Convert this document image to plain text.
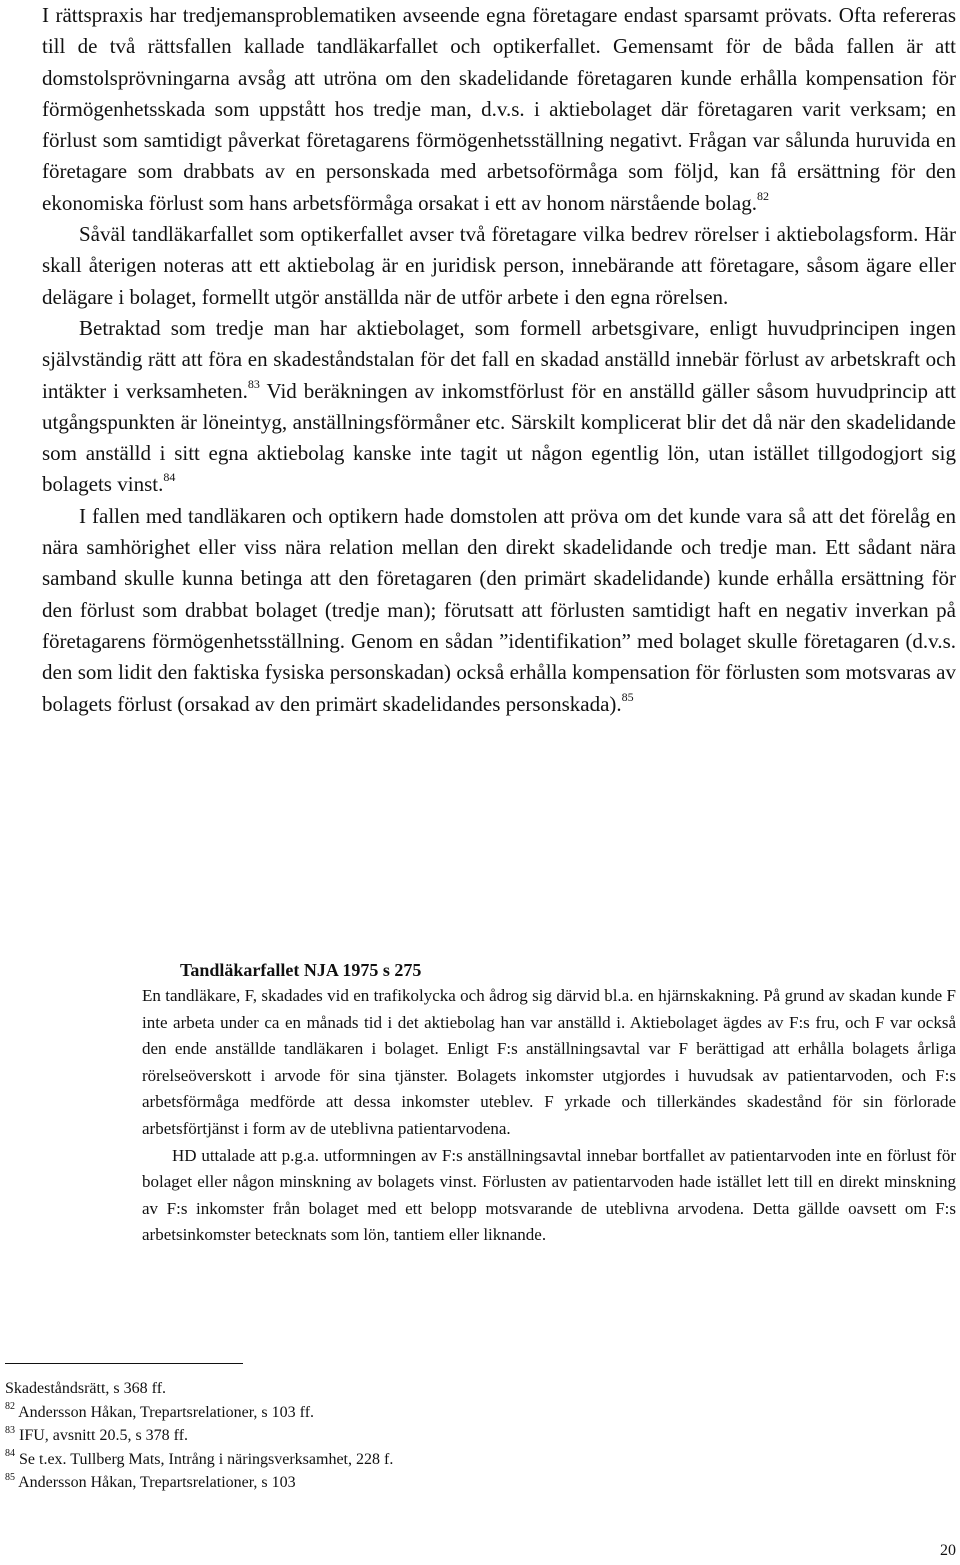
I rättspraxis har tredjemansproblematiken avseende egna företagare endast sparsamt prövats. Ofta refereras till de två rättsfallen kallade tandläkarfallet och optikerfallet. Gemensamt för de båda fallen är att domstolsprövningarna avsåg att utröna om den skadelidande företagaren kunde erhålla kompensation för förmögenhetsskada som uppstått hos tredje man, d.v.s. i aktiebolaget där företagaren varit verksam; en förlust som samtidigt påverkat företagarens förmögenhetsställning negativt. Frågan var sålunda huruvida en företagare som drabbats av en personskada med arbetsoförmåga som följd, kan få ersättning för den ekonomiska förlust som hans arbetsförmåga orsakat i ett av honom närstående bolag.$^{82}$

Såväl tandläkarfallet som optikerfallet avser två företagare vilka bedrev rörelser i aktiebolagsform. Här skall återigen noteras att ett aktiebolag är en juridisk person, innebärande att företagare, såsom ägare eller delägare i bolaget, formellt utgör anställda när de utför arbete i den egna rörelsen.

Betraktad som tredje man har aktiebolaget, som formell arbetsgivare, enligt huvudprincipen ingen självständig rätt att föra en skadeståndstalan för det fall en skadad anställd innebär förlust av arbetskraft och intäkter i verksamheten.$^{83}$ Vid beräkningen av inkomstförlust för en anställd gäller såsom huvudprincip att utgångspunkten är löneintyg, anställningsförmåner etc. Särskilt komplicerat blir det då när den skadelidande som anställd i sitt egna aktiebolag kanske inte tagit ut någon egentlig lön, utan istället tillgodogjort sig bolagets vinst.$^{84}$

I fallen med tandläkaren och optikern hade domstolen att pröva om det kunde vara så att det förelåg en nära samhörighet eller viss nära relation mellan den direkt skadelidande och tredje man. Ett sådant nära samband skulle kunna betinga att den företagaren (den primärt skadelidande) kunde erhålla ersättning för den förlust som drabbat bolaget (tredje man); förutsatt att förlusten samtidigt haft en negativ inverkan på företagarens förmögenhetsställning. Genom en sådan ”identifikation” med bolaget skulle företagaren (d.v.s. den som lidit den faktiska fysiska personskadan) också erhålla kompensation för förlusten som motsvaras av bolagets förlust (orsakad av den primärt skadelidandes personskada).$^{85}$

Tandläkarfallet NJA 1975 s 275

En tandläkare, F, skadades vid en trafikolycka och ådrog sig därvid bl.a. en hjärnskakning. På grund av skadan kunde F inte arbeta under ca en månads tid i det aktiebolag han var anställd i. Aktiebolaget ägdes av F:s fru, och F var också den ende anställde tandläkaren i bolaget. Enligt F:s anställningsavtal var F berättigad att erhålla bolagets årliga rörelseöverskott i arvode för sina tjänster. Bolagets inkomster utgjordes i huvudsak av patientarvoden, och F:s arbetsförmåga medförde att dessa inkomster uteblev. F yrkade och tillerkändes skadestånd för sin förlorade arbetsförtjänst i form av de uteblivna patientarvodena.

HD uttalade att p.g.a. utformningen av F:s anställningsavtal innebar bortfallet av patientarvoden inte en förlust för bolaget eller någon minskning av bolagets vinst. Förlusten av patientarvoden hade istället lett till en direkt minskning av F:s inkomster från bolaget med ett belopp motsvarande de uteblivna arvodena. Detta gällde oavsett om F:s arbetsinkomster betecknats som lön, tantiem eller liknande.

Skadeståndsrätt, s 368 ff.
$^{82}$ Andersson Håkan, Trepartsrelationer, s 103 ff.
$^{83}$ IFU, avsnitt 20.5, s 378 ff.
$^{84}$ Se t.ex. Tullberg Mats, Intrång i näringsverksamhet, 228 f.
$^{85}$ Andersson Håkan, Trepartsrelationer, s 103
20
